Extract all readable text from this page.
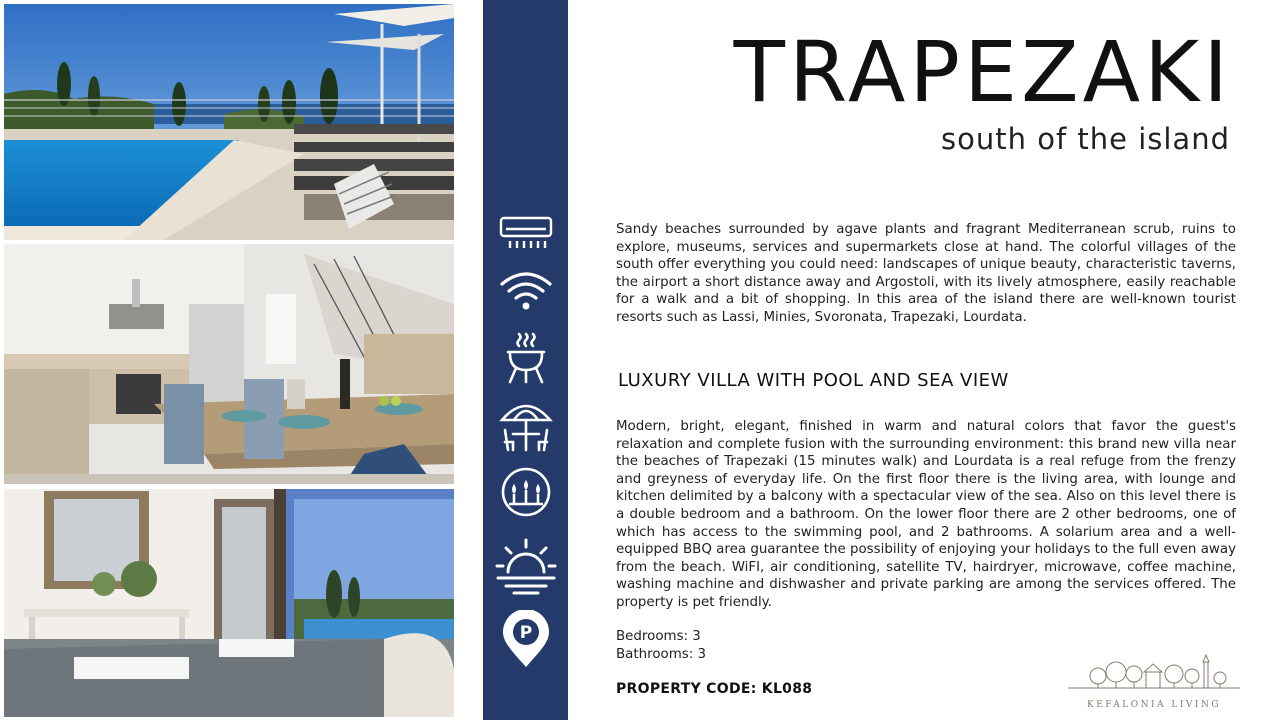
P
TRAPEZAKI
south of the island

Sandy beaches surrounded by agave plants and fragrant Mediterranean scrub, ruins to explore, museums, services and supermarkets close at hand. The colorful villages of the south offer everything you could need: landscapes of unique beauty, characteristic taverns, the airport a short distance away and Argostoli, with its lively atmosphere, easily reachable for a walk and a bit of shopping. In this area of the island there are well-known tourist resorts such as Lassi, Minies, Svoronata, Trapezaki, Lourdata.

LUXURY VILLA WITH POOL AND SEA VIEW

Modern, bright, elegant, finished in warm and natural colors that favor the guest's relaxation and complete fusion with the surrounding environment: this brand new villa near the beaches of Trapezaki (15 minutes walk) and Lourdata is a real refuge from the frenzy and greyness of everyday life. On the first floor there is the living area, with lounge and kitchen delimited by a balcony with a spectacular view of the sea. Also on this level there is a double bedroom and a bathroom. On the lower floor there are 2 other bedrooms, one of which has access to the swimming pool, and 2 bathrooms. A solarium area and a well-equipped BBQ area guarantee the possibility of enjoying your holidays to the full even away from the beach. WiFI, air conditioning, satellite TV, hairdryer, microwave, coffee machine, washing machine and dishwasher and private parking are among the services offered. The property is pet friendly.

Bedrooms: 3
Bathrooms: 3
PROPERTY CODE: KL088
KEFALONIA LIVING
